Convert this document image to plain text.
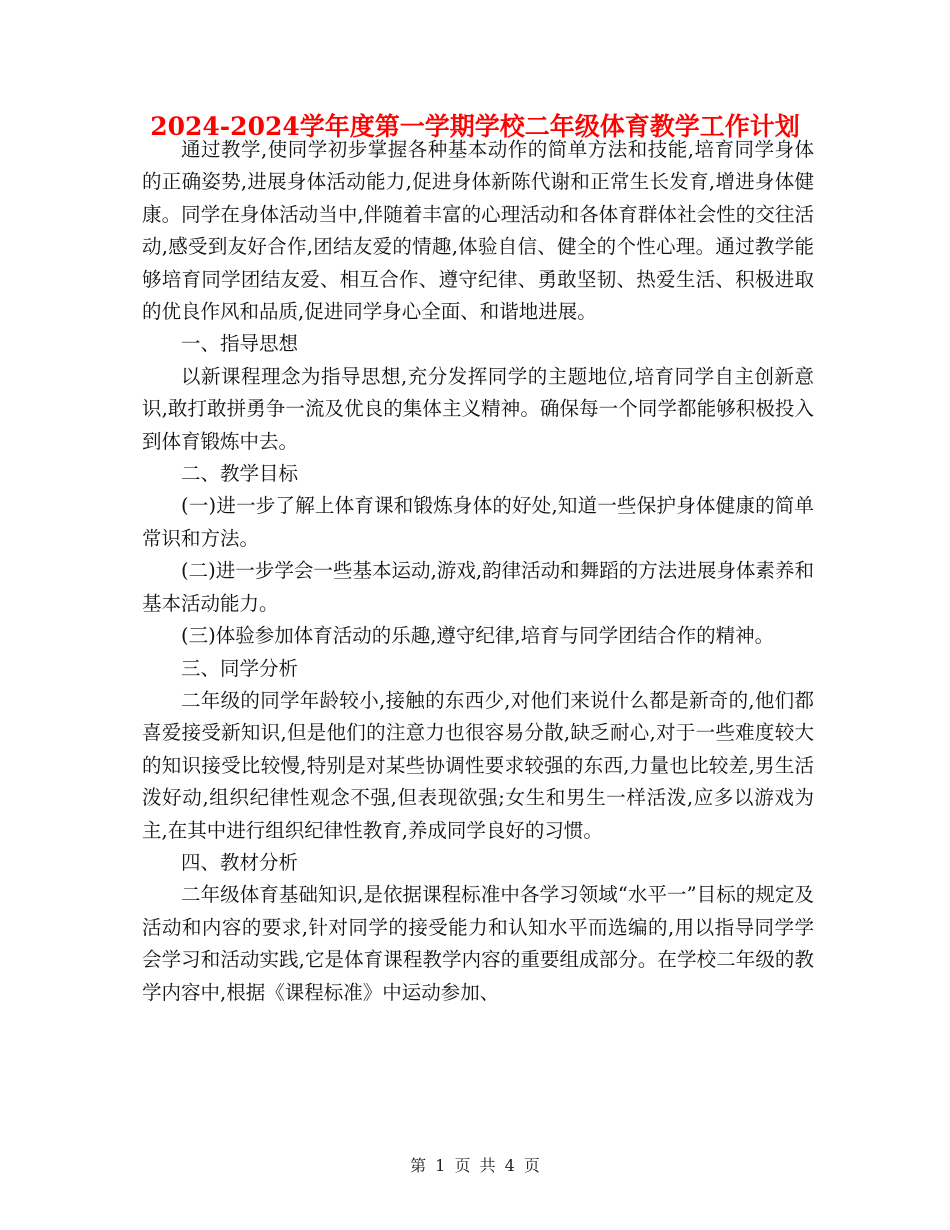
2024-2024学年度第一学期学校二年级体育教学工作计划

通过教学,使同学初步掌握各种基本动作的简单方法和技能,培育同学身体的正确姿势,进展身体活动能力,促进身体新陈代谢和正常生长发育,增进身体健康。同学在身体活动当中,伴随着丰富的心理活动和各体育群体社会性的交往活动,感受到友好合作,团结友爱的情趣,体验自信、健全的个性心理。通过教学能够培育同学团结友爱、相互合作、遵守纪律、勇敢坚韧、热爱生活、积极进取的优良作风和品质,促进同学身心全面、和谐地进展。

一、指导思想

以新课程理念为指导思想,充分发挥同学的主题地位,培育同学自主创新意识,敢打敢拼勇争一流及优良的集体主义精神。确保每一个同学都能够积极投入到体育锻炼中去。

二、教学目标

(一)进一步了解上体育课和锻炼身体的好处,知道一些保护身体健康的简单常识和方法。

(二)进一步学会一些基本运动,游戏,韵律活动和舞蹈的方法进展身体素养和基本活动能力。

(三)体验参加体育活动的乐趣,遵守纪律,培育与同学团结合作的精神。

三、同学分析

二年级的同学年龄较小,接触的东西少,对他们来说什么都是新奇的,他们都喜爱接受新知识,但是他们的注意力也很容易分散,缺乏耐心,对于一些难度较大的知识接受比较慢,特别是对某些协调性要求较强的东西,力量也比较差,男生活泼好动,组织纪律性观念不强,但表现欲强;女生和男生一样活泼,应多以游戏为主,在其中进行组织纪律性教育,养成同学良好的习惯。

四、教材分析

二年级体育基础知识,是依据课程标准中各学习领域“水平一”目标的规定及活动和内容的要求,针对同学的接受能力和认知水平而选编的,用以指导同学学会学习和活动实践,它是体育课程教学内容的重要组成部分。在学校二年级的教学内容中,根据《课程标准》中运动参加、

第 1 页 共 4 页
